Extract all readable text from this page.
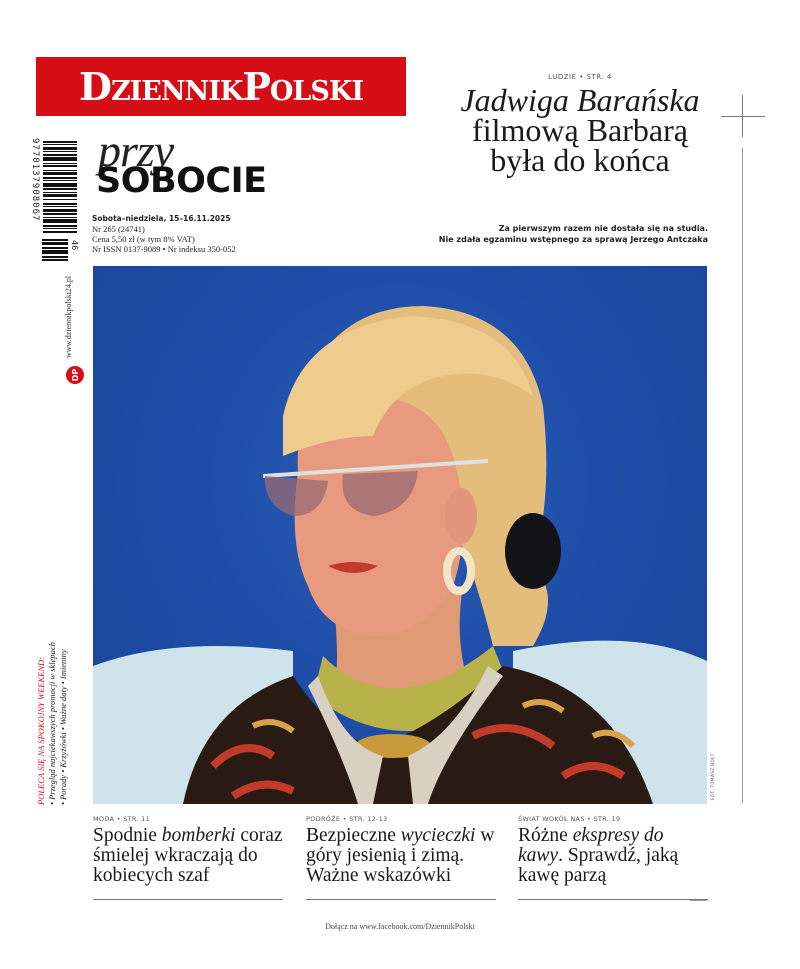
DziennikPolski
9770137908067
46
www.dziennikpolski24.pl
DP
przy
SOBOCIE
Sobota–niedziela, 15–16.11.2025
Nr 265 (24741)
Cena 5,50 zł (w tym 8% VAT)
Nr ISSN 0137-9089 • Nr indeksu 350-052
LUDZIE • STR. 4
Jadwiga Barańska
filmową Barbarą
była do końca
Za pierwszym razem nie dostała się na studia.
Nie zdała egzaminu wstępnego za sprawą Jerzego Antczaka
FOT. TOMASZ BOŁT
POLECA SIĘ NA SPOKOJNY WEEKEND: • Przegląd najciekawszych promocji w sklepach • Porady • Krzyżówki • Ważne daty • Imieniny
MODA • STR. 11
Spodnie bomberki coraz śmielej wkraczają do kobiecych szaf
PODRÓŻE • STR. 12-13
Bezpieczne wycieczki w góry jesienią i zimą. Ważne wskazówki
ŚWIAT WOKÓŁ NAS • STR. 19
Różne ekspresy do kawy. Sprawdź, jaką kawę parzą
Dołącz na www.facebook.com/DziennikPolski
